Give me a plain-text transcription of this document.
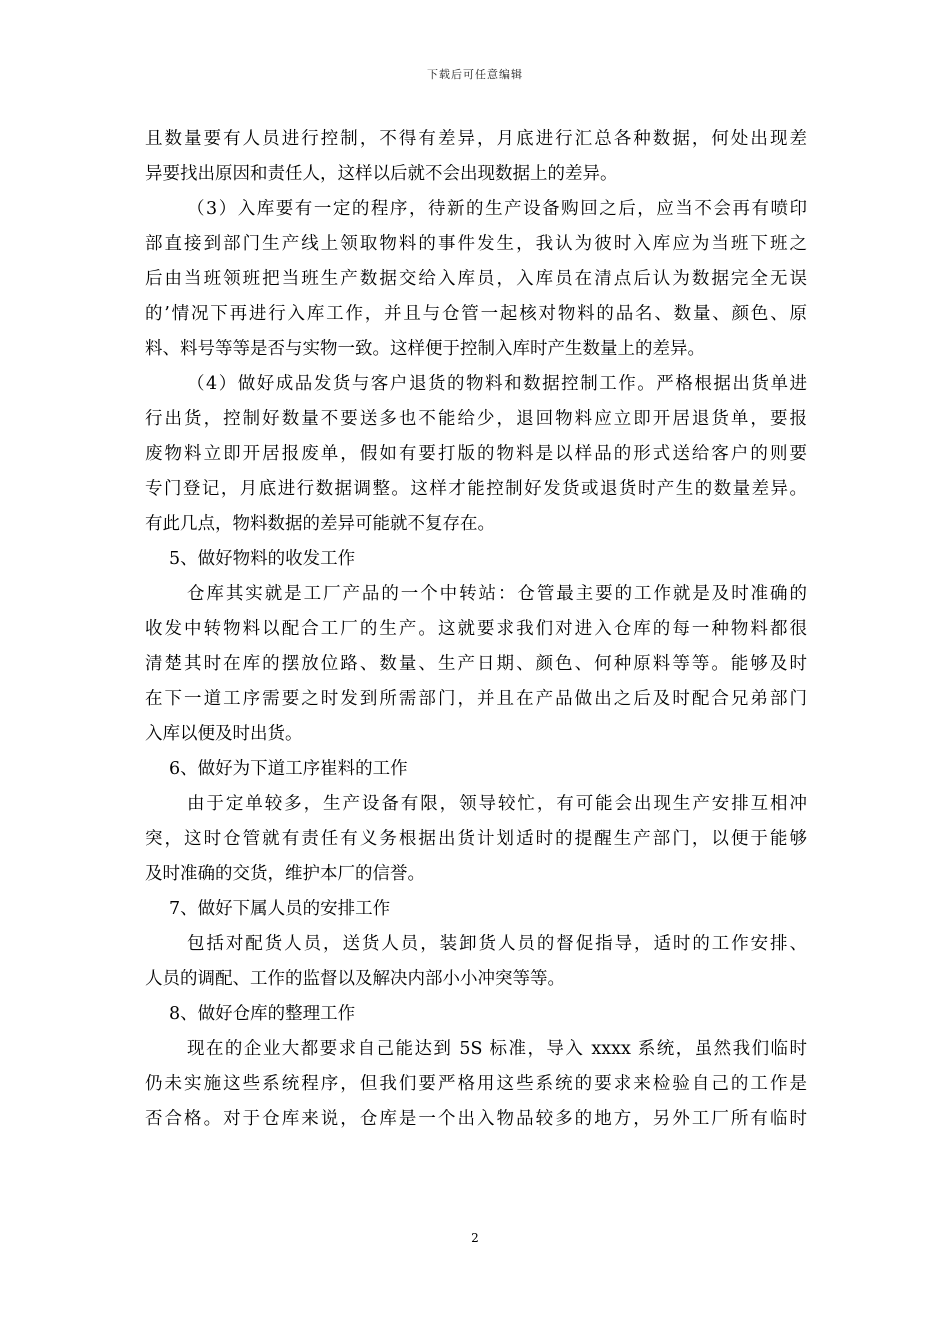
下载后可任意编辑
且数量要有人员进行控制，不得有差异，月底进行汇总各种数据，何处出现差
异要找出原因和责任人，这样以后就不会出现数据上的差异。
（3）入库要有一定的程序，待新的生产设备购回之后，应当不会再有喷印
部直接到部门生产线上领取物料的事件发生，我认为彼时入库应为当班下班之
后由当班领班把当班生产数据交给入库员，入库员在清点后认为数据完全无误
的’情况下再进行入库工作，并且与仓管一起核对物料的品名、数量、颜色、原
料、料号等等是否与实物一致。这样便于控制入库时产生数量上的差异。
（4）做好成品发货与客户退货的物料和数据控制工作。严格根据出货单进
行出货，控制好数量不要送多也不能给少，退回物料应立即开居退货单，要报
废物料立即开居报废单，假如有要打版的物料是以样品的形式送给客户的则要
专门登记，月底进行数据调整。这样才能控制好发货或退货时产生的数量差异。
有此几点，物料数据的差异可能就不复存在。
5、做好物料的收发工作
仓库其实就是工厂产品的一个中转站：仓管最主要的工作就是及时准确的
收发中转物料以配合工厂的生产。这就要求我们对进入仓库的每一种物料都很
清楚其时在库的摆放位路、数量、生产日期、颜色、何种原料等等。能够及时
在下一道工序需要之时发到所需部门，并且在产品做出之后及时配合兄弟部门
入库以便及时出货。
6、做好为下道工序崔料的工作
由于定单较多，生产设备有限，领导较忙，有可能会出现生产安排互相冲
突，这时仓管就有责任有义务根据出货计划适时的提醒生产部门，以便于能够
及时准确的交货，维护本厂的信誉。
7、做好下属人员的安排工作
包括对配货人员，送货人员，装卸货人员的督促指导，适时的工作安排、
人员的调配、工作的监督以及解决内部小小冲突等等。
8、做好仓库的整理工作
现在的企业大都要求自己能达到 5S 标准，导入 xxxx 系统，虽然我们临时
仍未实施这些系统程序，但我们要严格用这些系统的要求来检验自己的工作是
否合格。对于仓库来说，仓库是一个出入物品较多的地方，另外工厂所有临时
2
